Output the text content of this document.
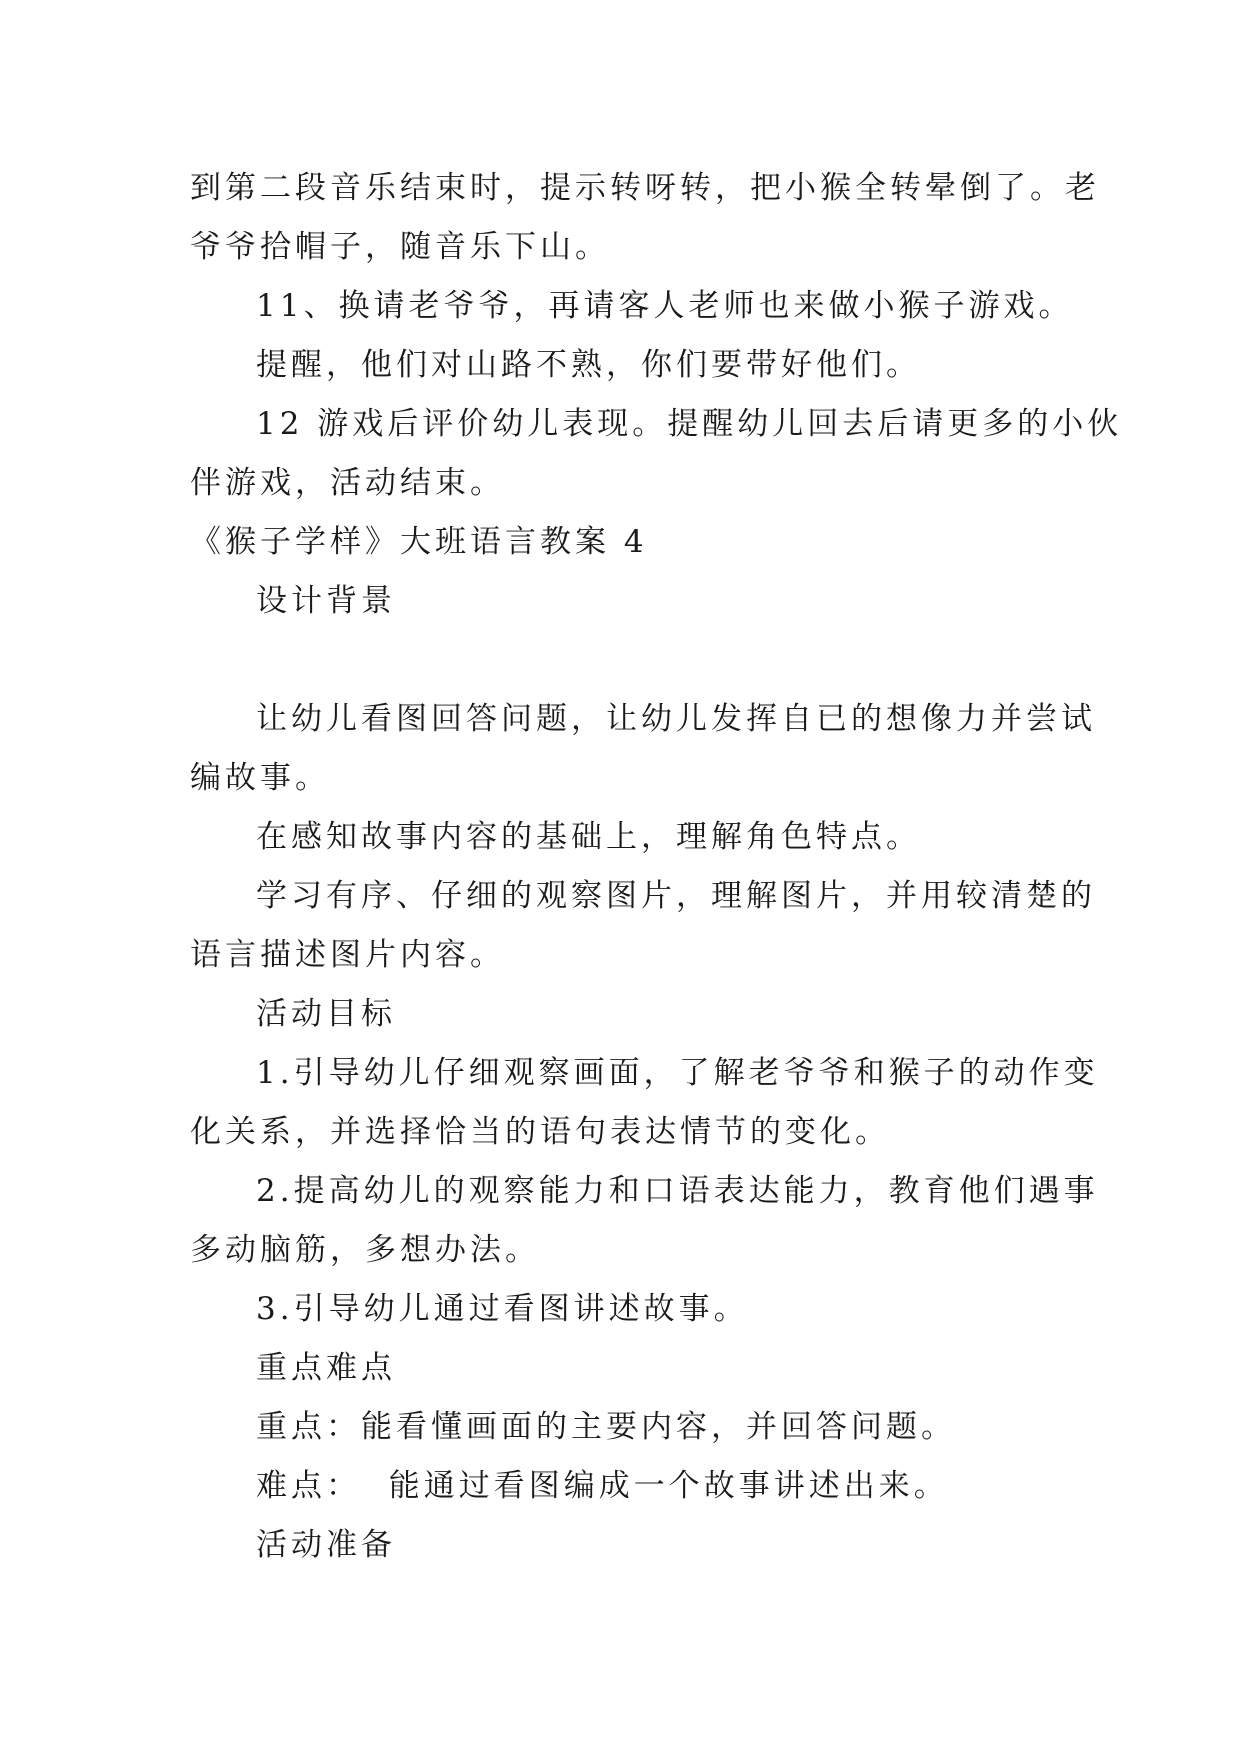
到第二段音乐结束时，提示转呀转，把小猴全转晕倒了。老

爷爷拾帽子，随音乐下山。

11、换请老爷爷，再请客人老师也来做小猴子游戏。

提醒，他们对山路不熟，你们要带好他们。

12 游戏后评价幼儿表现。提醒幼儿回去后请更多的小伙

伴游戏，活动结束。

《猴子学样》大班语言教案 4

设计背景

让幼儿看图回答问题，让幼儿发挥自已的想像力并尝试

编故事。

在感知故事内容的基础上，理解角色特点。

学习有序、仔细的观察图片，理解图片，并用较清楚的

语言描述图片内容。

活动目标

1.引导幼儿仔细观察画面，了解老爷爷和猴子的动作变

化关系，并选择恰当的语句表达情节的变化。

2.提高幼儿的观察能力和口语表达能力，教育他们遇事

多动脑筋，多想办法。

3.引导幼儿通过看图讲述故事。

重点难点

重点：能看懂画面的主要内容，并回答问题。

难点：  能通过看图编成一个故事讲述出来。

活动准备
